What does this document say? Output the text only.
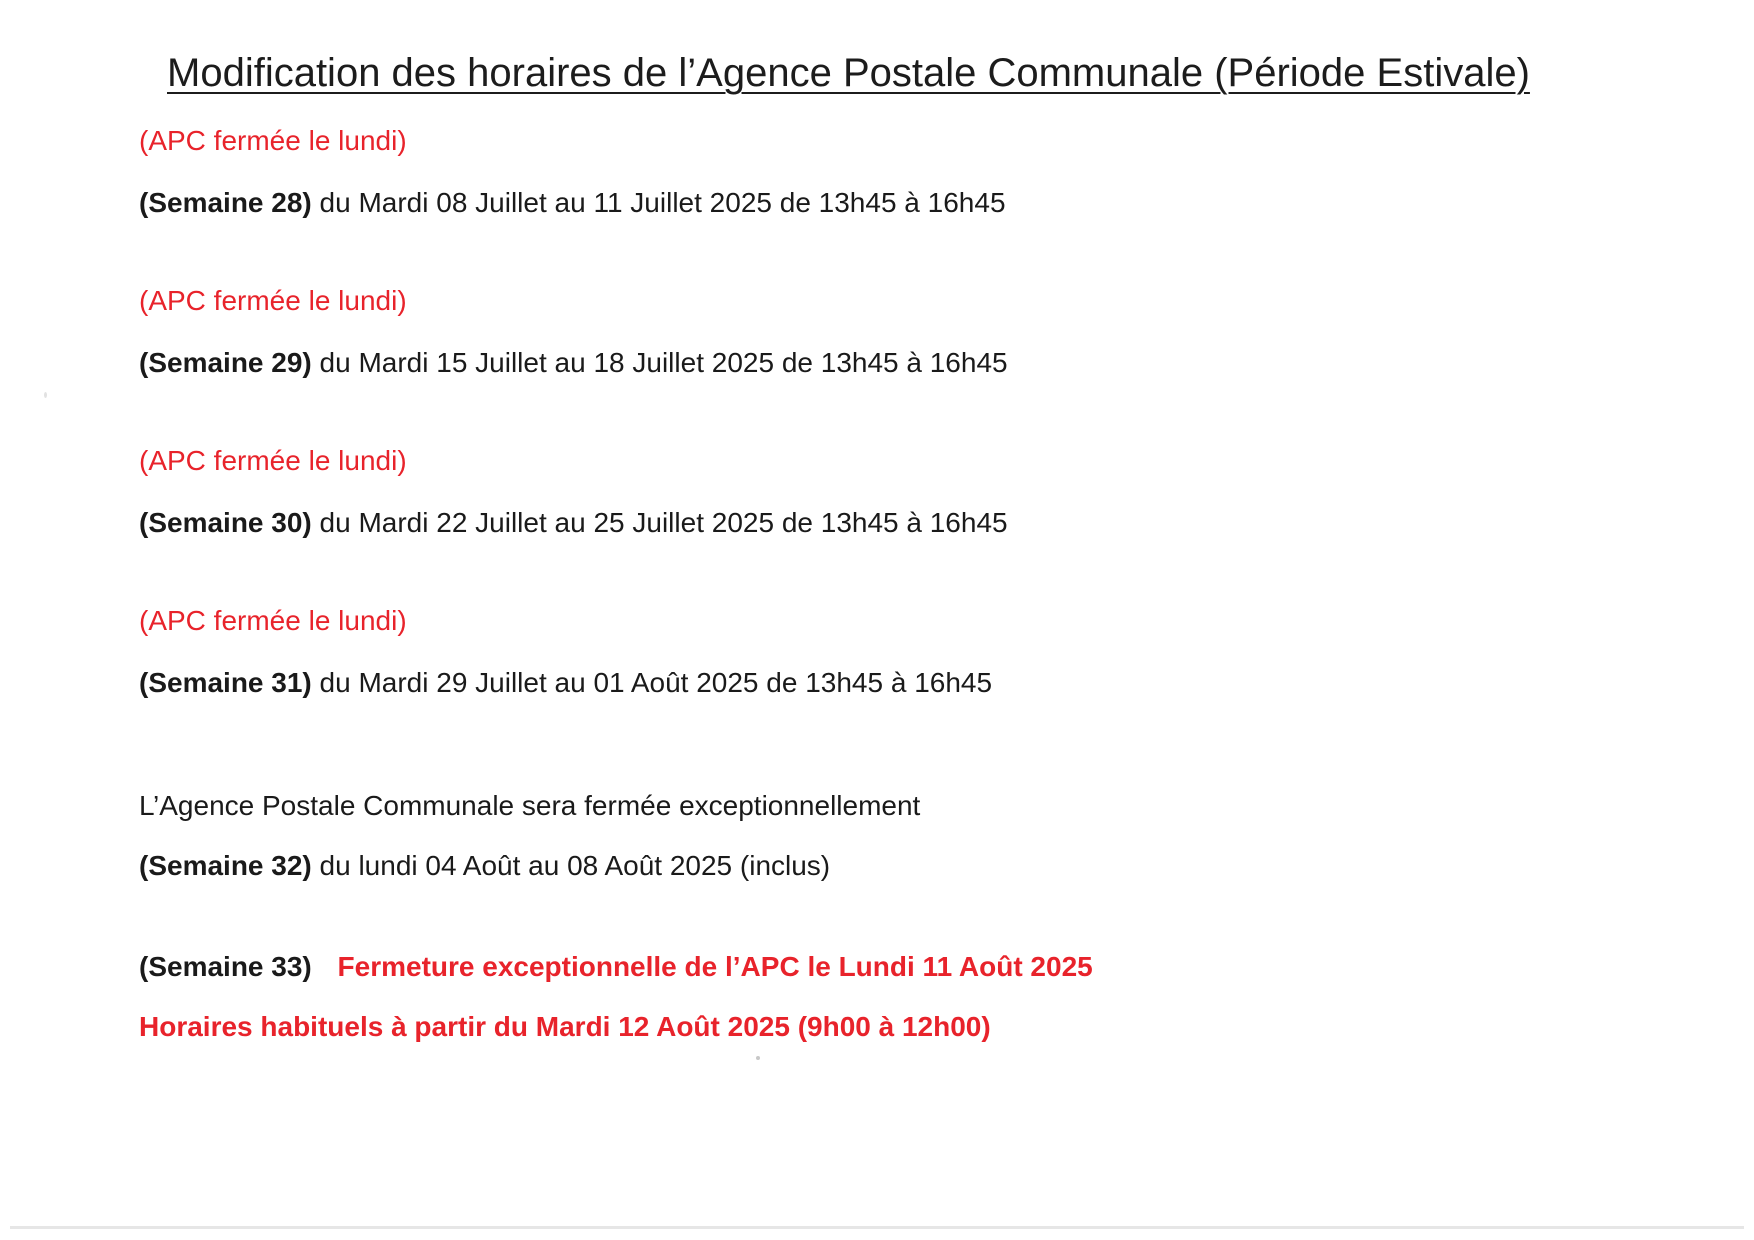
Modification des horaires de l’Agence Postale Communale (Période Estivale)
(APC fermée le lundi)
(Semaine 28) du Mardi 08 Juillet au 11 Juillet 2025 de 13h45 à 16h45
(APC fermée le lundi)
(Semaine 29) du Mardi 15 Juillet au 18 Juillet 2025 de 13h45 à 16h45
(APC fermée le lundi)
(Semaine 30) du Mardi 22 Juillet au 25 Juillet 2025 de 13h45 à 16h45
(APC fermée le lundi)
(Semaine 31) du Mardi 29 Juillet au 01 Août 2025 de 13h45 à 16h45
L’Agence Postale Communale sera fermée exceptionnellement
(Semaine 32) du lundi 04 Août au 08 Août 2025 (inclus)
(Semaine 33) Fermeture exceptionnelle de l’APC le Lundi 11 Août 2025
Horaires habituels à partir du Mardi 12 Août 2025 (9h00 à 12h00)
